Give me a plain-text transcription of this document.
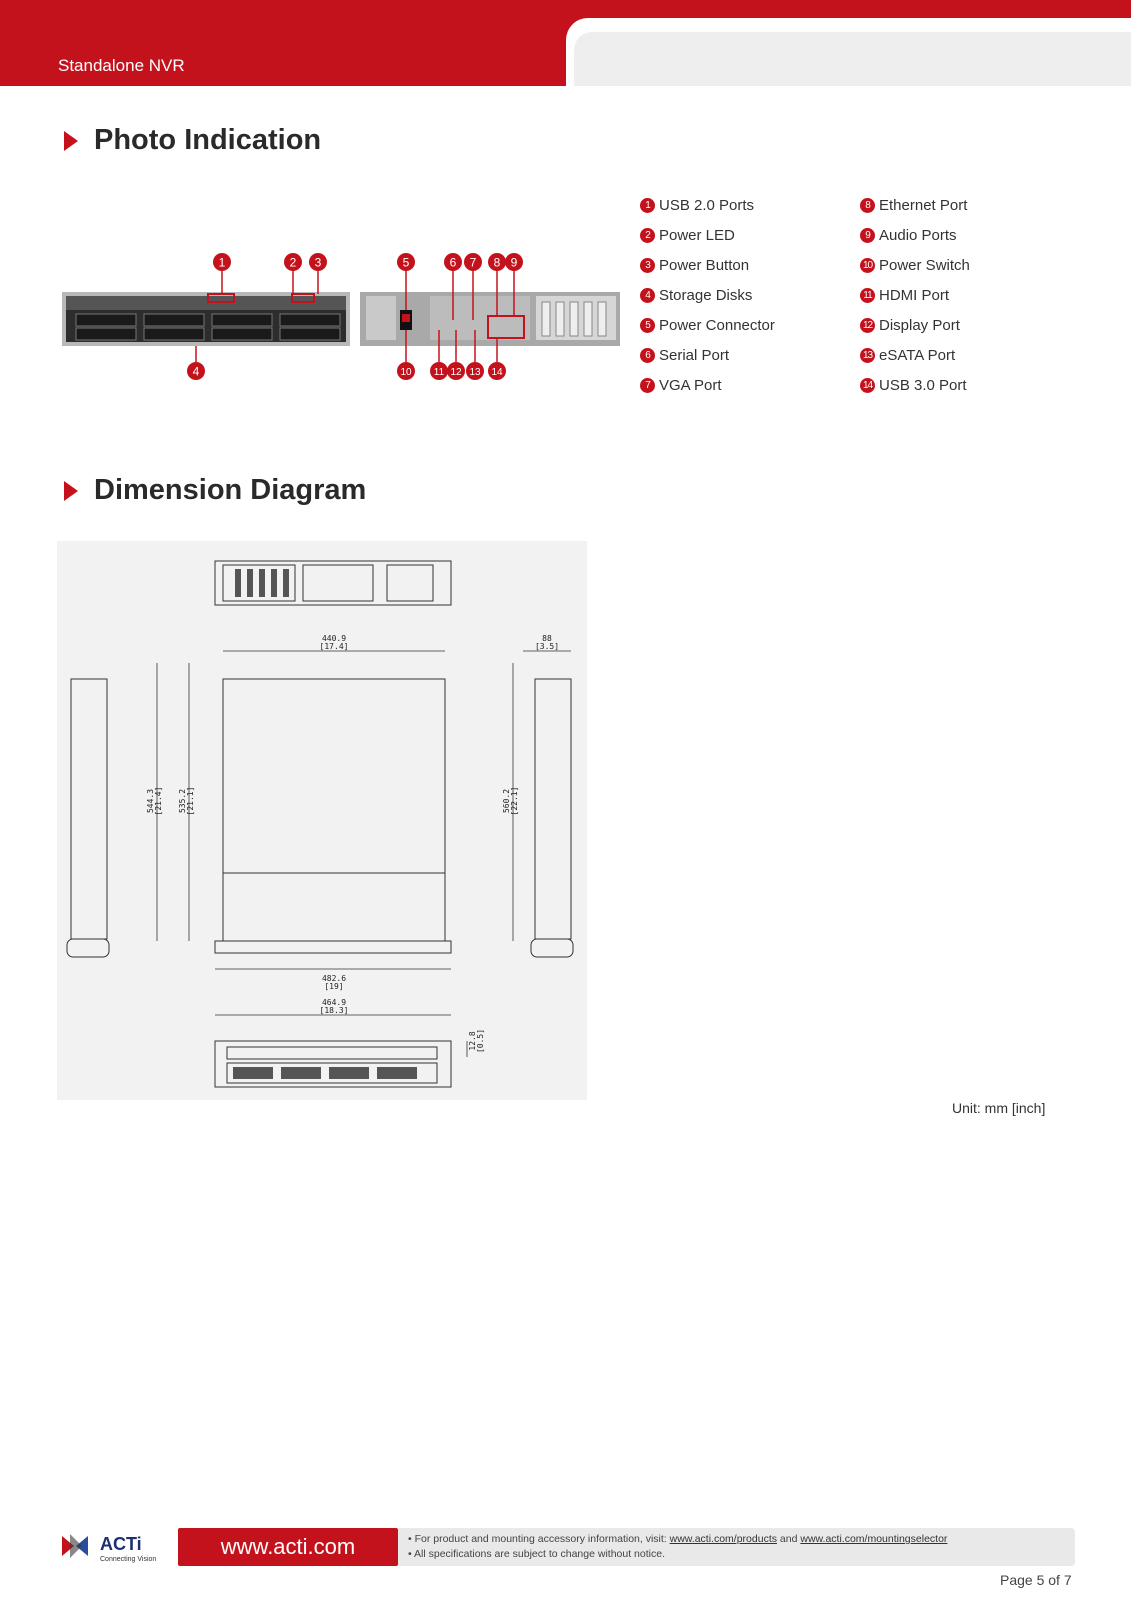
Standalone NVR
Photo Indication
1	2 3
4
5	6 7 8 9
10 11 12 13 14
1 USB 2.0 Ports
2 Power LED
3 Power Button
4 Storage Disks
5 Power Connector
6 Serial Port
7 VGA Port
8 Ethernet Port
9 Audio Ports
10 Power Switch
11 HDMI Port
12 Display Port
13 eSATA Port
14 USB 3.0 Port
Dimension Diagram
440.9
[17.4]
88
[3.5]
482.6
[19]
464.9
[18.3]
544.3 [21.4] 535.2 [21.1]	560.2 [22.1]
12.8 [0.5]
Unit: mm [inch]
ACTi
Connecting Vision
www.acti.com	• For product and mounting accessory information, visit: www.acti.com/products and www.acti.com/mountingselector
• All specifications are subject to change without notice.
Page 5 of 7
